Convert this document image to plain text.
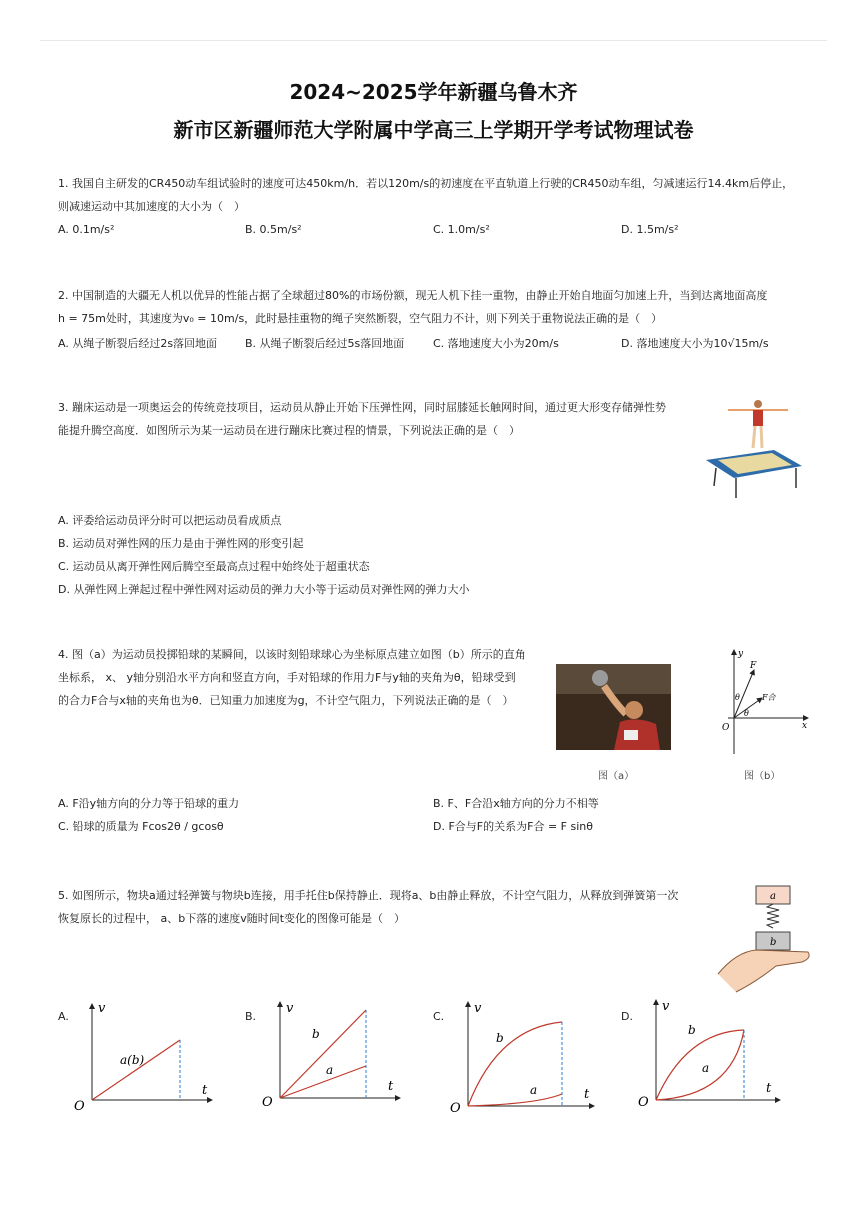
2024~2025学年新疆乌鲁木齐
新市区新疆师范大学附属中学高三上学期开学考试物理试卷
1. 我国自主研发的CR450动车组试验时的速度可达450km/h．若以120m/s的初速度在平直轨道上行驶的CR450动车组，匀减速运行14.4km后停止，
则减速运动中其加速度的大小为（　）
A. 0.1m/s²	B. 0.5m/s²	C. 1.0m/s²	D. 1.5m/s²
2. 中国制造的大疆无人机以优异的性能占据了全球超过80%的市场份额，现无人机下挂一重物，由静止开始自地面匀加速上升，当到达离地面高度
h = 75m处时，其速度为v₀ = 10m/s，此时悬挂重物的绳子突然断裂，空气阻力不计，则下列关于重物说法正确的是（　）
A. 从绳子断裂后经过2s落回地面	B. 从绳子断裂后经过5s落回地面	C. 落地速度大小为20m/s	D. 落地速度大小为10√15m/s
3. 蹦床运动是一项奥运会的传统竞技项目，运动员从静止开始下压弹性网，同时屈膝延长触网时间，通过更大形变存储弹性势
能提升腾空高度．如图所示为某一运动员在进行蹦床比赛过程的情景，下列说法正确的是（　）
A. 评委给运动员评分时可以把运动员看成质点
B. 运动员对弹性网的压力是由于弹性网的形变引起
C. 运动员从离开弹性网后腾空至最高点过程中始终处于超重状态
D. 从弹性网上弹起过程中弹性网对运动员的弹力大小等于运动员对弹性网的弹力大小
4. 图（a）为运动员投掷铅球的某瞬间，以该时刻铅球球心为坐标原点建立如图（b）所示的直角
坐标系， x、 y轴分别沿水平方向和竖直方向，手对铅球的作用力F与y轴的夹角为θ，铅球受到
的合力F合与x轴的夹角也为θ．已知重力加速度为g，不计空气阻力，下列说法正确的是（　）
图（a）
y
x
O
F
F合
θ
θ
图（b）
A. F沿y轴方向的分力等于铅球的重力	B. F、F合沿x轴方向的分力不相等
C. 铅球的质量为 Fcos2θ / gcosθ	D. F合与F的关系为F合 = F sinθ
5. 如图所示，物块a通过轻弹簧与物块b连接，用手托住b保持静止．现将a、b由静止释放，不计空气阻力，从释放到弹簧第一次
恢复原长的过程中， a、b下落的速度v随时间t变化的图像可能是（　）
a
b
A.
v
t
O
a(b)
B.
v
t
O
b
a
C.
v
t
O
b
a
D.
v
t
O
b
a
